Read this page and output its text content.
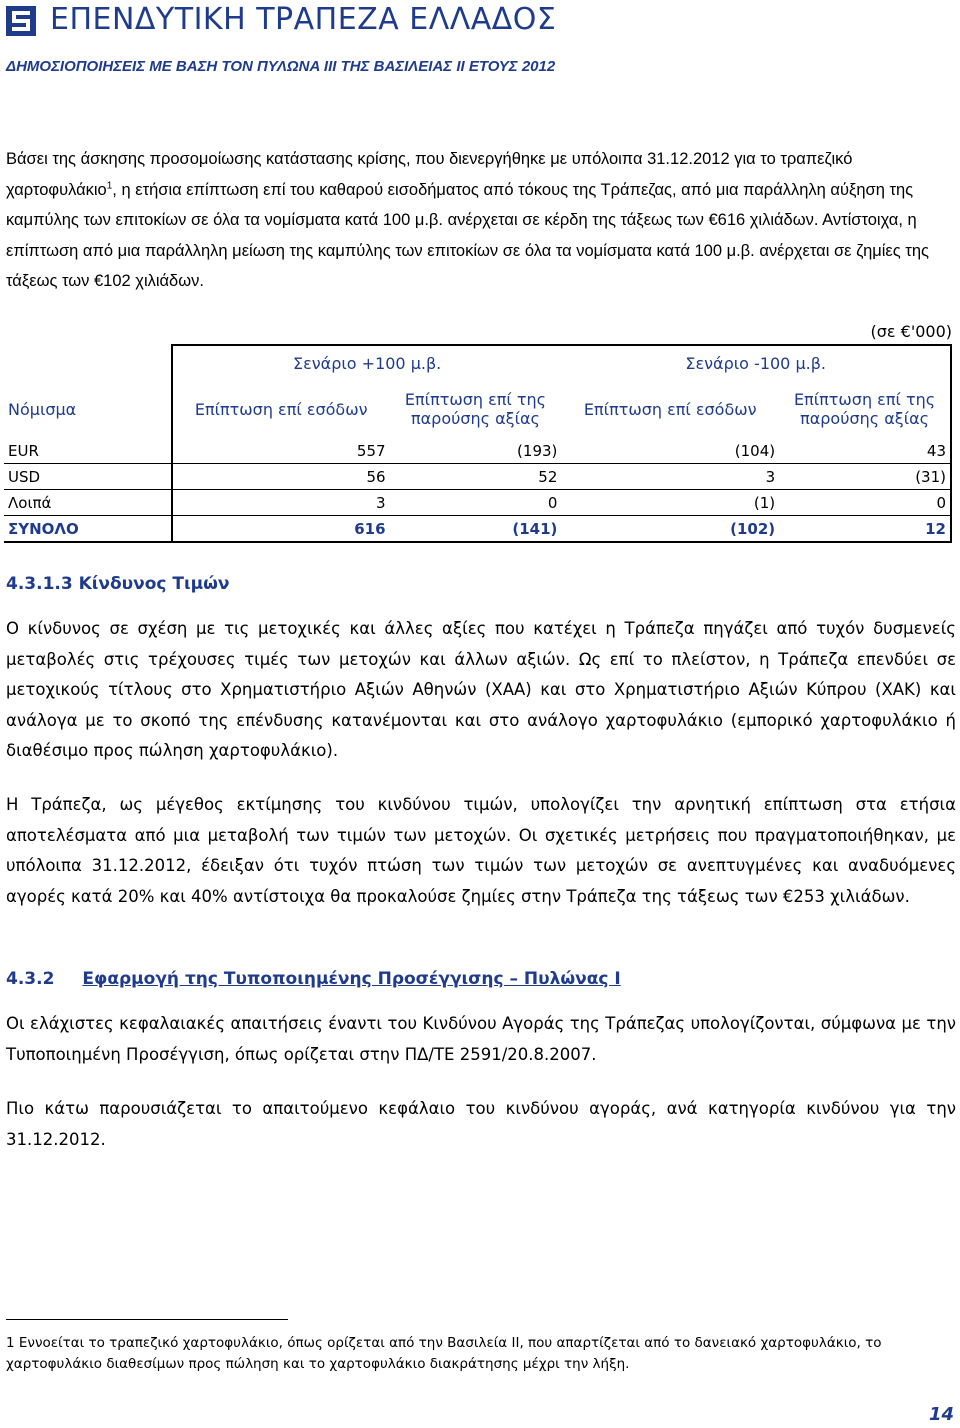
ΕΠΕΝΔΥΤΙΚΗ ΤΡΑΠΕΖΑ ΕΛΛΑΔΟΣ
ΔΗΜΟΣΙΟΠΟΙΗΣΕΙΣ ΜΕ ΒΑΣΗ ΤΟΝ ΠΥΛΩΝΑ ΙΙΙ ΤΗΣ ΒΑΣΙΛΕΙΑΣ ΙΙ ΕΤΟΥΣ 2012

Βάσει της άσκησης προσομοίωσης κατάστασης κρίσης, που διενεργήθηκε με υπόλοιπα 31.12.2012 για το τραπεζικό χαρτοφυλάκιο$^1$, η ετήσια επίπτωση επί του καθαρού εισοδήματος από τόκους της Τράπεζας, από μια παράλληλη αύξηση της καμπύλης των επιτοκίων σε όλα τα νομίσματα κατά 100 μ.β. ανέρχεται σε κέρδη της τάξεως των €616 χιλιάδων. Αντίστοιχα, η επίπτωση από μια παράλληλη μείωση της καμπύλης των επιτοκίων σε όλα τα νομίσματα κατά 100 μ.β. ανέρχεται σε ζημίες της τάξεως των €102 χιλιάδων.

(σε €'000)
	Σενάριο +100 μ.β.		Σενάριο -100 μ.β.	
Νόμισμα	Επίπτωση επί εσόδων	Επίπτωση επί της παρούσης αξίας	Επίπτωση επί εσόδων	Επίπτωση επί της παρούσης αξίας
EUR	557	(193)	(104)	43
USD	56	52	3	(31)
Λοιπά	3	0	(1)	0
ΣΥΝΟΛΟ	616	(141)	(102)	12
4.3.1.3 Κίνδυνος Τιμών

Ο κίνδυνος σε σχέση με τις μετοχικές και άλλες αξίες που κατέχει η Τράπεζα πηγάζει από τυχόν δυσμενείς μεταβολές στις τρέχουσες τιμές των μετοχών και άλλων αξιών. Ως επί το πλείστον, η Τράπεζα επενδύει σε μετοχικούς τίτλους στο Χρηματιστήριο Αξιών Αθηνών (ΧΑΑ) και στο Χρηματιστήριο Αξιών Κύπρου (ΧΑΚ) και ανάλογα με το σκοπό της επένδυσης κατανέμονται και στο ανάλογο χαρτοφυλάκιο (εμπορικό χαρτοφυλάκιο ή διαθέσιμο προς πώληση χαρτοφυλάκιο).

Η Τράπεζα, ως μέγεθος εκτίμησης του κινδύνου τιμών, υπολογίζει την αρνητική επίπτωση στα ετήσια αποτελέσματα από μια μεταβολή των τιμών των μετοχών. Οι σχετικές μετρήσεις που πραγματοποιήθηκαν, με υπόλοιπα 31.12.2012, έδειξαν ότι τυχόν πτώση των τιμών των μετοχών σε ανεπτυγμένες και αναδυόμενες αγορές κατά 20% και 40% αντίστοιχα θα προκαλούσε ζημίες στην Τράπεζα της τάξεως των €253 χιλιάδων.

4.3.2 Εφαρμογή της Τυποποιημένης Προσέγγισης – Πυλώνας Ι

Οι ελάχιστες κεφαλαιακές απαιτήσεις έναντι του Κινδύνου Αγοράς της Τράπεζας υπολογίζονται, σύμφωνα με την Τυποποιημένη Προσέγγιση, όπως ορίζεται στην ΠΔ/ΤΕ 2591/20.8.2007.

Πιο κάτω παρουσιάζεται το απαιτούμενο κεφάλαιο του κινδύνου αγοράς, ανά κατηγορία κινδύνου για την 31.12.2012.

1 Εννοείται το τραπεζικό χαρτοφυλάκιο, όπως ορίζεται από την Βασιλεία ΙΙ, που απαρτίζεται από το δανειακό χαρτοφυλάκιο, το χαρτοφυλάκιο διαθεσίμων προς πώληση και το χαρτοφυλάκιο διακράτησης μέχρι την λήξη.

14
